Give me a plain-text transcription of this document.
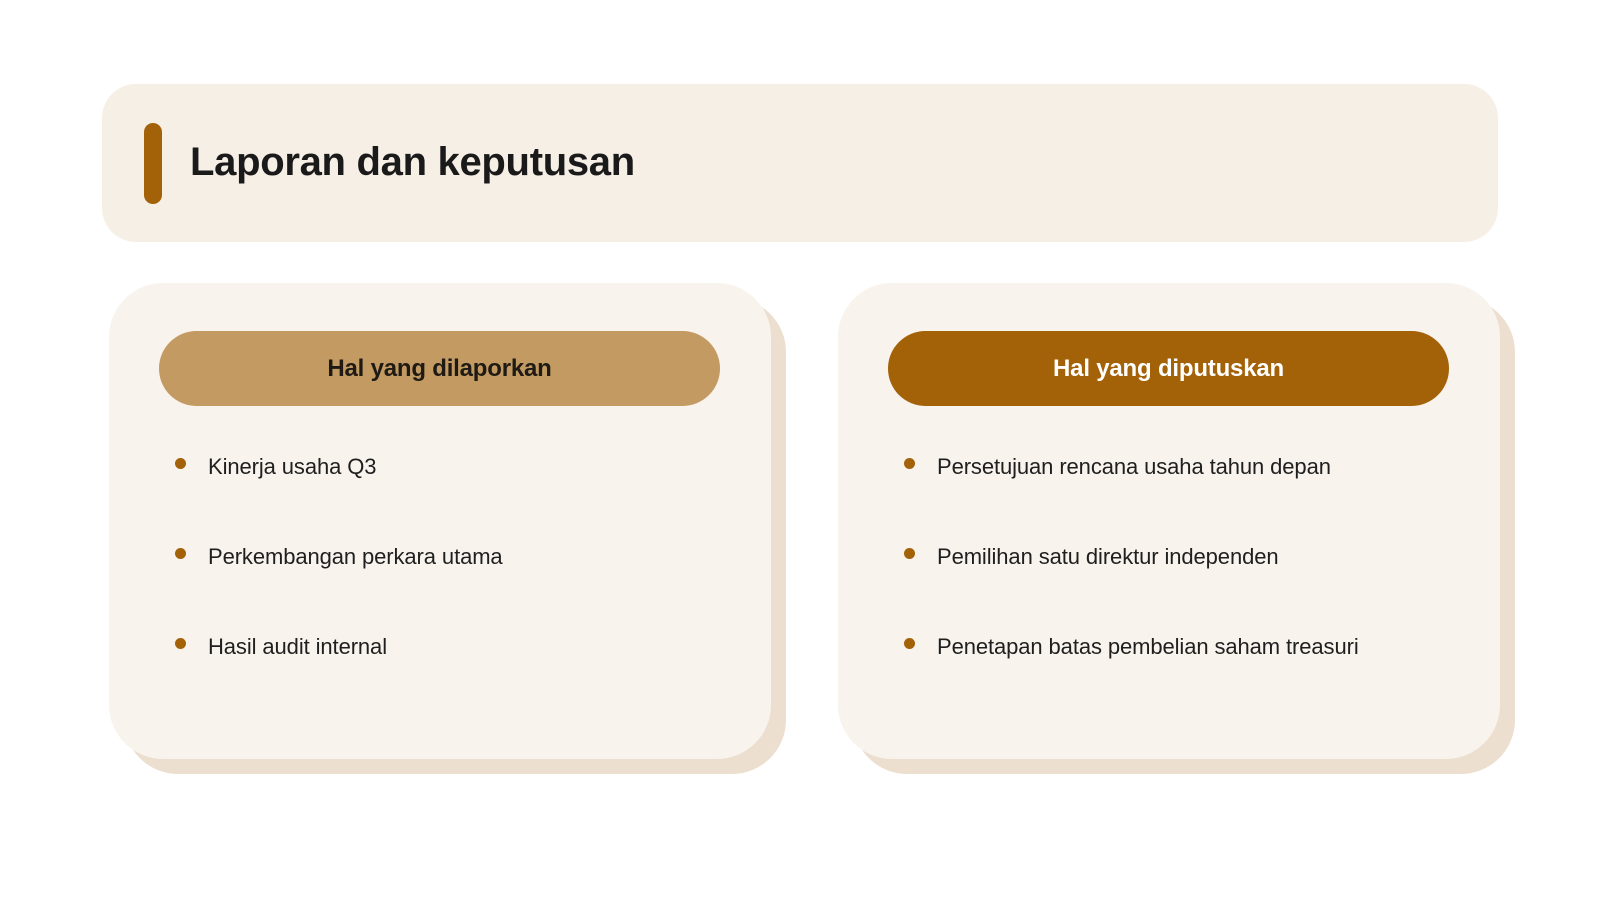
Laporan dan keputusan
Hal yang dilaporkan
Kinerja usaha Q3
Perkembangan perkara utama
Hasil audit internal
Hal yang diputuskan
Persetujuan rencana usaha tahun depan
Pemilihan satu direktur independen
Penetapan batas pembelian saham treasuri
